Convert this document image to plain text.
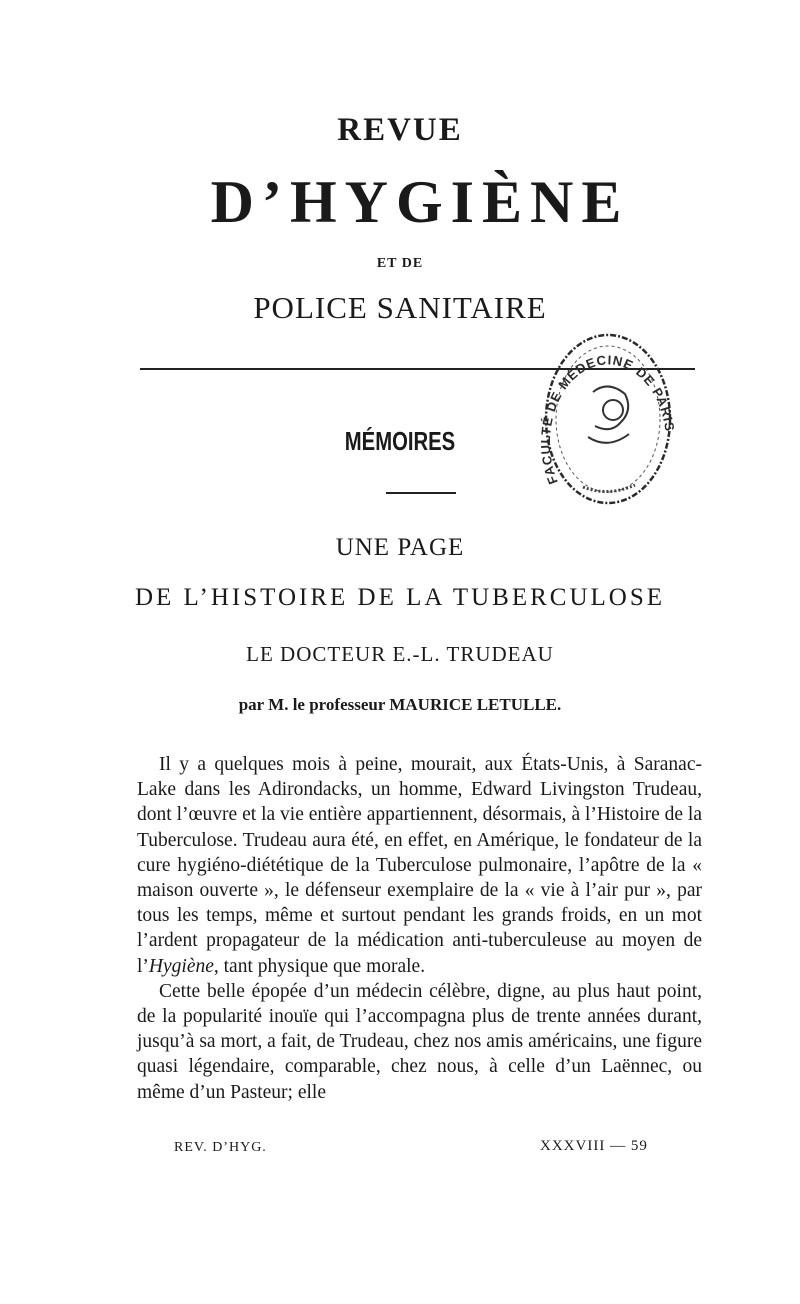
REVUE
D’HYGIÈNE
ET DE
POLICE SANITAIRE
FACULTÉ DE MÉDECINE DE PARIS
MÉMOIRES
UNE PAGE
DE L’HISTOIRE DE LA TUBERCULOSE
LE DOCTEUR E.-L. TRUDEAU
par M. le professeur MAURICE LETULLE.

Il y a quelques mois à peine, mourait, aux États-Unis, à Saranac-Lake dans les Adirondacks, un homme, Edward Livingston Trudeau, dont l’œuvre et la vie entière appartiennent, désormais, à l’Histoire de la Tuberculose. Trudeau aura été, en effet, en Amérique, le fondateur de la cure hygiéno-diététique de la Tuberculose pulmonaire, l’apôtre de la « maison ouverte », le défenseur exemplaire de la « vie à l’air pur », par tous les temps, même et surtout pendant les grands froids, en un mot l’ardent propagateur de la médication anti-tuberculeuse au moyen de l’Hygiène, tant physique que morale.

Cette belle épopée d’un médecin célèbre, digne, au plus haut point, de la popularité inouïe qui l’accompagna plus de trente années durant, jusqu’à sa mort, a fait, de Trudeau, chez nos amis américains, une figure quasi légendaire, comparable, chez nous, à celle d’un Laënnec, ou même d’un Pasteur; elle

REV. D’HYG.	XXXVIII — 59
